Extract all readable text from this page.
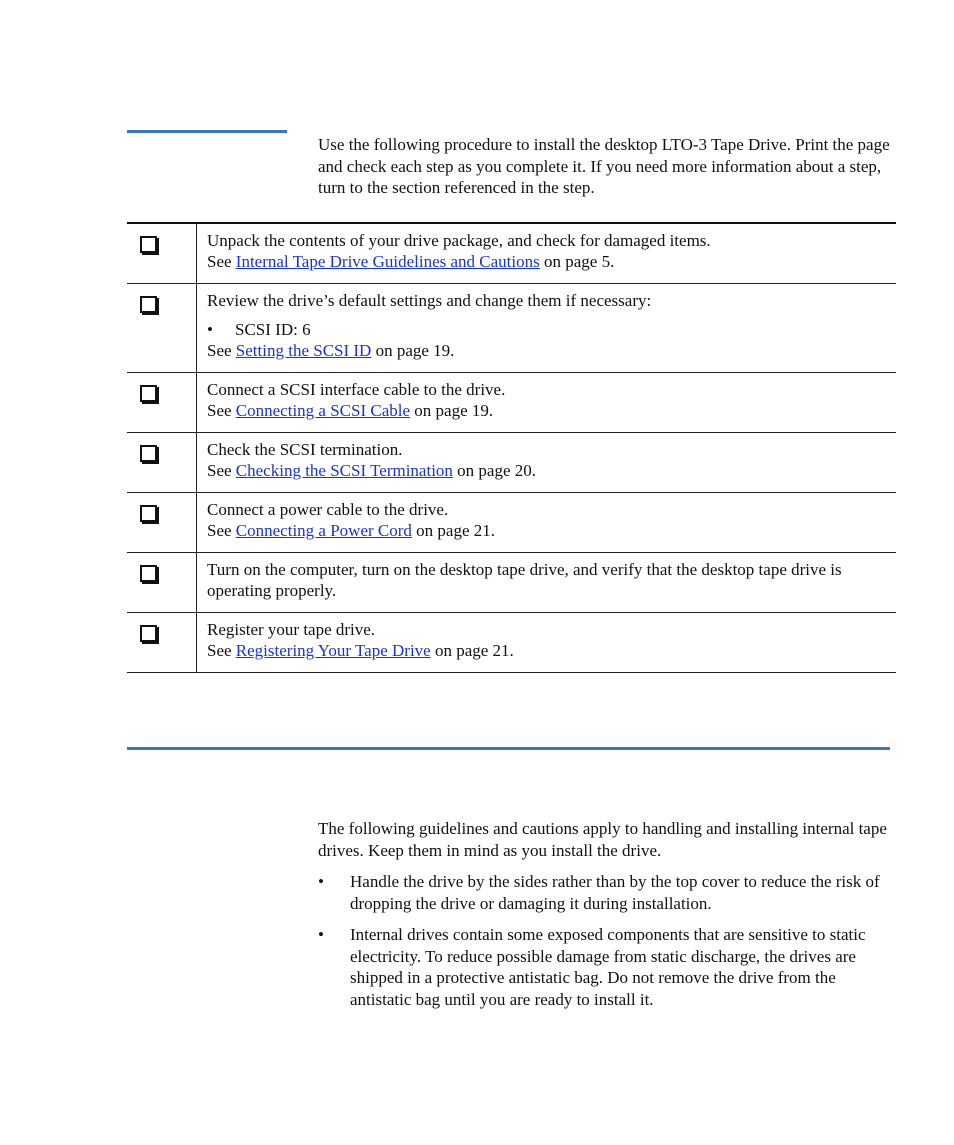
Use the following procedure to install the desktop LTO-3 Tape Drive. Print the page and check each step as you complete it. If you need more information about a step, turn to the section referenced in the step.

		Unpack the contents of your drive package, and check for damaged items.
See Internal Tape Drive Guidelines and Cautions on page 5.

		Review the drive’s default settings and change them if necessary:
• SCSI ID: 6
See Setting the SCSI ID on page 19.

		Connect a SCSI interface cable to the drive.
See Connecting a SCSI Cable on page 19.

		Check the SCSI termination.
See Checking the SCSI Termination on page 20.

		Connect a power cable to the drive.
See Connecting a Power Cord on page 21.

		Turn on the computer, turn on the desktop tape drive, and verify that the desktop tape drive is operating properly.

		Register your tape drive.
See Registering Your Tape Drive on page 21.

The following guidelines and cautions apply to handling and installing internal tape drives. Keep them in mind as you install the drive.

• Handle the drive by the sides rather than by the top cover to reduce the risk of dropping the drive or damaging it during installation.
• Internal drives contain some exposed components that are sensitive to static electricity. To reduce possible damage from static discharge, the drives are shipped in a protective antistatic bag. Do not remove the drive from the antistatic bag until you are ready to install it.
